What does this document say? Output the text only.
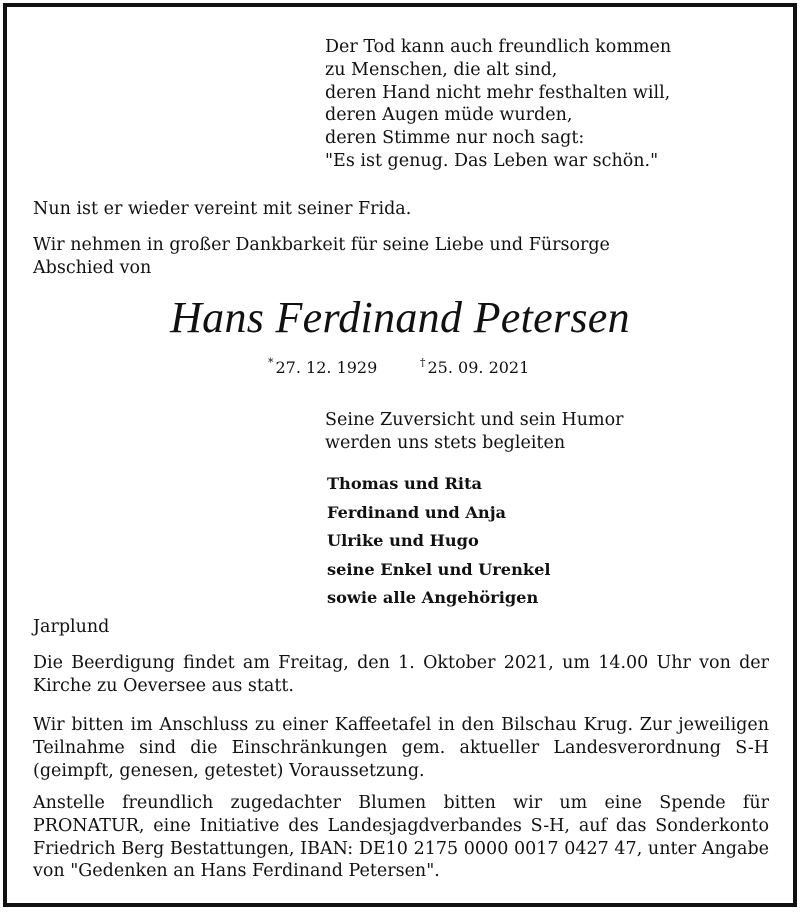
Der Tod kann auch freundlich kommen
zu Menschen, die alt sind,
deren Hand nicht mehr festhalten will,
deren Augen müde wurden,
deren Stimme nur noch sagt:
"Es ist genug. Das Leben war schön."
Nun ist er wieder vereint mit seiner Frida.
Wir nehmen in großer Dankbarkeit für seine Liebe und Fürsorge
Abschied von
Hans Ferdinand Petersen
* 27. 12. 1929	† 25. 09. 2021
Seine Zuversicht und sein Humor
werden uns stets begleiten
Thomas und Rita
Ferdinand und Anja
Ulrike und Hugo
seine Enkel und Urenkel
sowie alle Angehörigen
Jarplund
Die Beerdigung findet am Freitag, den 1. Oktober 2021, um 14.00 Uhr von der Kirche zu Oeversee aus statt.
Wir bitten im Anschluss zu einer Kaffeetafel in den Bilschau Krug. Zur jeweiligen Teilnahme sind die Einschränkungen gem. aktueller Landesverordnung S-H (geimpft, genesen, getestet) Voraussetzung.
Anstelle freundlich zugedachter Blumen bitten wir um eine Spende für PRONATUR, eine Initiative des Landesjagdverbandes S-H, auf das Sonderkonto Friedrich Berg Bestattungen, IBAN: DE10 2175 0000 0017 0427 47, unter Angabe von "Gedenken an Hans Ferdinand Petersen".
